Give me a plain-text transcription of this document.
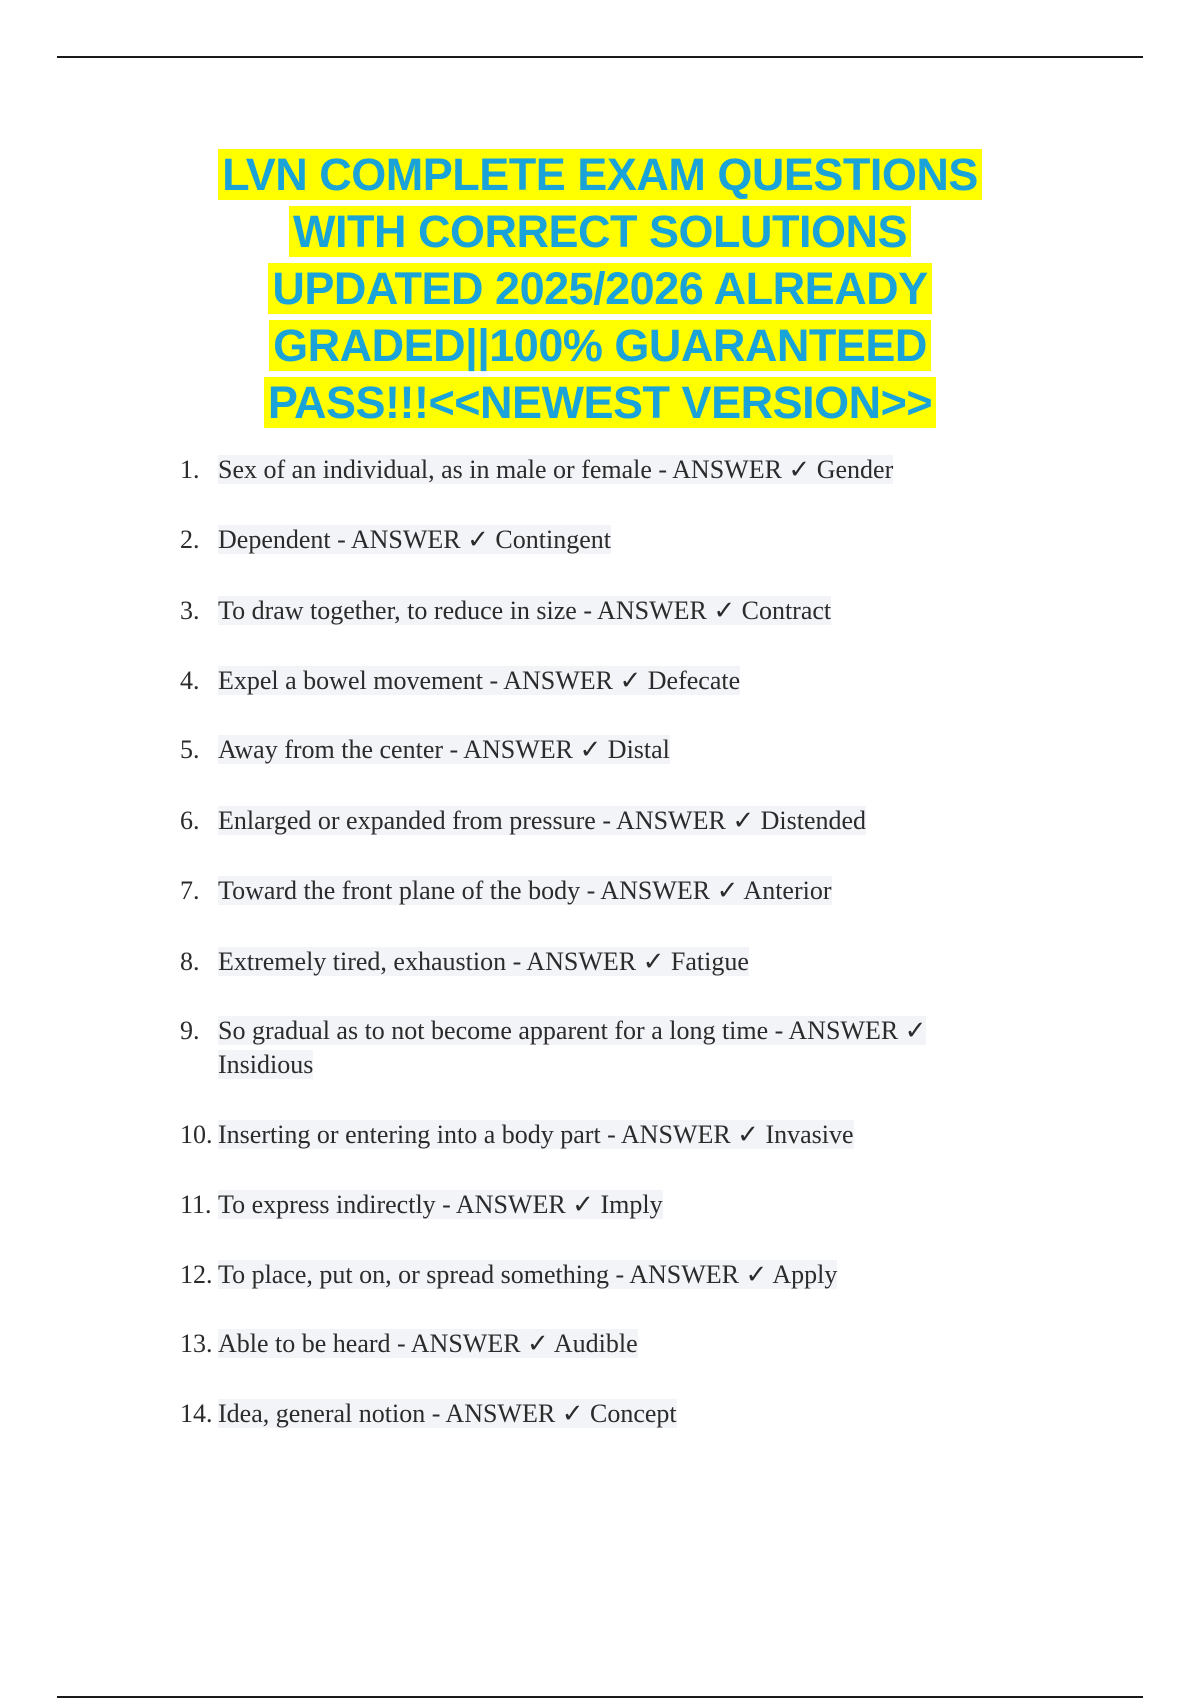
LVN COMPLETE EXAM QUESTIONS
WITH CORRECT SOLUTIONS
UPDATED 2025/2026 ALREADY
GRADED||100% GUARANTEED
PASS!!!<<NEWEST VERSION>>
1. Sex of an individual, as in male or female - ANSWER ✓ Gender
2. Dependent - ANSWER ✓ Contingent
3. To draw together, to reduce in size - ANSWER ✓ Contract
4. Expel a bowel movement - ANSWER ✓ Defecate
5. Away from the center - ANSWER ✓ Distal
6. Enlarged or expanded from pressure - ANSWER ✓ Distended
7. Toward the front plane of the body - ANSWER ✓ Anterior
8. Extremely tired, exhaustion - ANSWER ✓ Fatigue
9. So gradual as to not become apparent for a long time - ANSWER ✓ Insidious
10. Inserting or entering into a body part - ANSWER ✓ Invasive
11. To express indirectly - ANSWER ✓ Imply
12. To place, put on, or spread something - ANSWER ✓ Apply
13. Able to be heard - ANSWER ✓ Audible
14. Idea, general notion - ANSWER ✓ Concept
